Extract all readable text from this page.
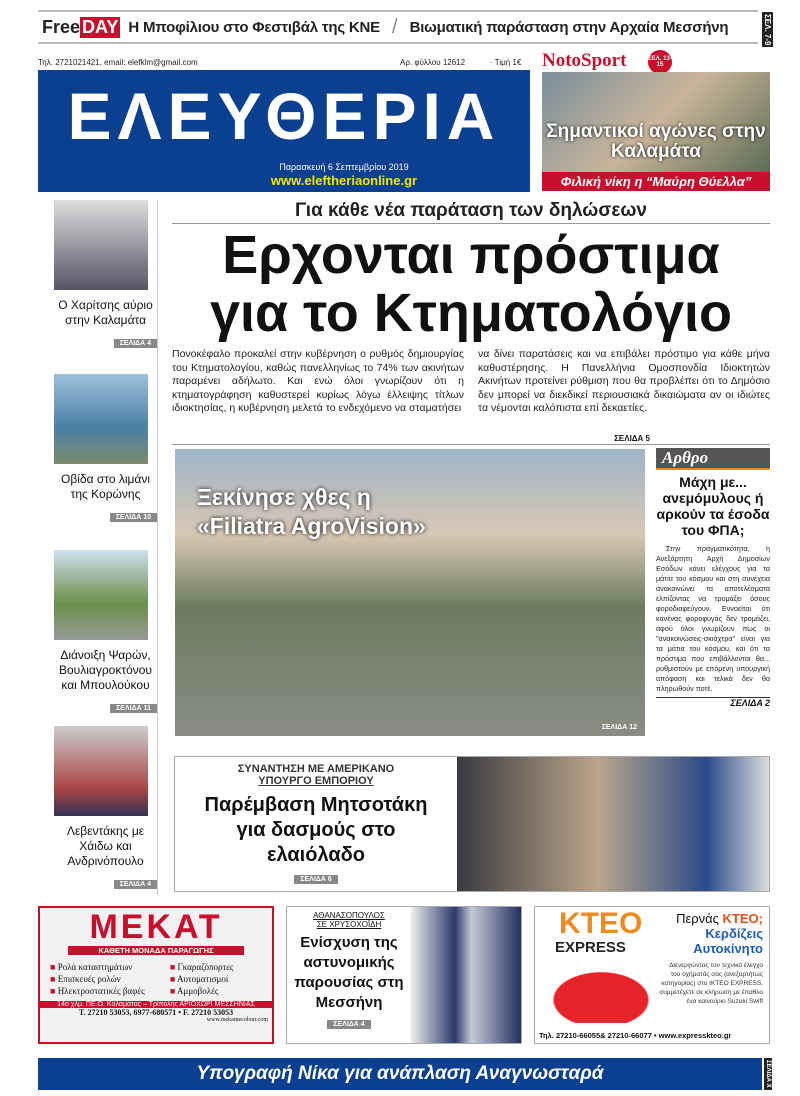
Free DAY Η Μποφίλιου στο Φεστιβάλ της ΚΝΕ / Βιωματική παράσταση στην Αρχαία Μεσσήνη	ΣΕΛ. 7-9
Τηλ. 2721021421, email: elefklm@gmail.com	Αρ. φύλλου 12612	· Τιμή 1€
ΕΛΕΥΘΕΡΙΑ
Παρασκευή 6 Σεπτεμβρίου 2019
www.eleftheriaonline.gr
NotoSport	ΣΕΛ. 13-15
Σημαντικοί αγώνες στην Καλαμάτα
Φιλική νίκη η “Μαύρη Θύελλα”
Ο Χαρίτσης αύριο στην Καλαμάτα
ΣΕΛΙΔΑ 4
Οβίδα στο λιμάνι της Κορώνης
ΣΕΛΙΔΑ 10
Διάνοιξη Ψαρών, Βουλιαγροκτόνου και Μπουλούκου
ΣΕΛΙΔΑ 11
Λεβεντάκης με Χάιδω και Ανδρινόπουλο
ΣΕΛΙΔΑ 4
Για κάθε νέα παράταση των δηλώσεων
Ερχονται πρόστιμα
για το Κτηματολόγιο

Πονοκέφαλο προκαλεί στην κυβέρνηση ο ρυθμός δημιουργίας του Κτηματολογίου, καθώς πανελληνίως το 74% των ακινήτων παραμένει αδήλωτο. Και ενώ όλοι γνωρίζουν ότι η κτηματογράφηση καθυστερεί κυρίως λόγω έλλειψης τίτλων ιδιοκτησίας, η κυβέρνηση μελετά το ενδεχόμενο να σταματήσει

να δίνει παρατάσεις και να επιβάλει πρόστιμο για κάθε μήνα καθυστέρησης. Η Πανελλήνια Ομοσπονδία Ιδιοκτητών Ακινήτων προτείνει ρύθμιση που θα προβλέπει ότι το Δημόσιο δεν μπορεί να διεκδικεί περιουσιακά δικαιώματα αν οι ιδιώτες τα νέμονται καλόπιστα επί δεκαετίες.

ΣΕΛΙΔΑ 5
Ξεκίνησε χθες η
«Filiatra AgroVision»
ΣΕΛΙΔΑ 12
Αρθρο
Μάχη με... ανεμόμυλους ή αρκούν τα έσοδα του ΦΠΑ;

Στην πραγματικότητα, η Ανεξάρτητη Αρχή Δημοσίων Εσόδων κάνει ελέγχους για τα μάτια του κόσμου και στη συνέχεια ανακοινώνει τα αποτελέσματα ελπίζοντας να τρομάξει όσους φοροδιαφεύγουν. Εννοείται ότι κανένας φοροφυγάς δεν τρομάζει, αφού όλοι γνωρίζουν πως οι "ανακοινώσεις-σκιάχτρα" είναι για τα μάτια του κόσμου, και ότι τα πρόστιμα που επιβάλλονται θα... ρυθμιστούν με επόμενη υπουργική απόφαση και τελικά δεν θα πληρωθούν ποτέ.

ΣΕΛΙΔΑ 2
ΣΥΝΑΝΤΗΣΗ ΜΕ ΑΜΕΡΙΚΑΝΟ
ΥΠΟΥΡΓΟ ΕΜΠΟΡΙΟΥ
Παρέμβαση Μητσοτάκη για δασμούς στο ελαιόλαδο
ΣΕΛΙΔΑ 6
ΜΕΚΑΤ
ΚΑΘΕΤΗ ΜΟΝΑΔΑ ΠΑΡΑΓΩΓΗΣ
■ Ρολά καταστημάτων	■ Γκαραζόπορτες
■ Επισκευές ρολών	■ Αυτοματισμοί
■ Ηλεκτροστατικές βαφές	■ Αμμοβολές
14ο χλμ. ΠΕ.Ο. Καλαμάτας – Τρίπολης ΑΡΙΟΧΩΡΙ ΜΕΣΣΗΝΙΑΣ
Τ. 27210 53053, 6977-680571 • F. 27210 53053
www.mekatnecolour.com
ΑΘΑΝΑΣΟΠΟΥΛΟΣ
ΣΕ ΧΡΥΣΟΧΟΪΔΗ
Ενίσχυση της αστυνομικής παρουσίας στη Μεσσήνη
ΣΕΛΙΔΑ 4
KTEO
EXPRESS
Περνάς ΚΤΕΟ;
Κερδίζεις Αυτοκίνητο

Διενεργώντας τον τεχνικό έλεγχο του οχήματός σας (ανεξαρτήτως κατηγορίας) στο ΙΚΤΕΟ EXPRESS, συμμετέχετε σε κλήρωση με έπαθλο ένα καινούριο Suzuki Swift

Τηλ. 27210-66055& 27210-66077 • www.expresskteo.gr
Υπογραφή Νίκα για ανάπλαση Αναγνωσταρά	ΣΕΛΙΔΑ Χ
